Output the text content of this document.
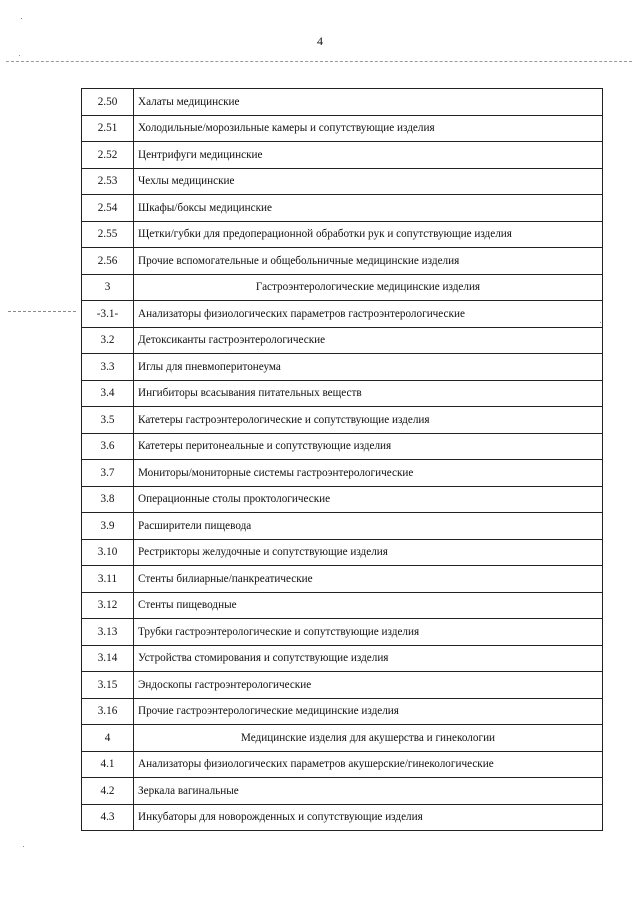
4
2.50	Халаты медицинские
2.51	Холодильные/морозильные камеры и сопутствующие изделия
2.52	Центрифуги медицинские
2.53	Чехлы медицинские
2.54	Шкафы/боксы медицинские
2.55	Щетки/губки для предоперационной обработки рук и сопутствующие изделия
2.56	Прочие вспомогательные и общебольничные медицинские изделия
3	Гастроэнтерологические медицинские изделия
-3.1-	Анализаторы физиологических параметров гастроэнтерологические
3.2	Детоксиканты гастроэнтерологические
3.3	Иглы для пневмоперитонеума
3.4	Ингибиторы всасывания питательных веществ
3.5	Катетеры гастроэнтерологические и сопутствующие изделия
3.6	Катетеры перитонеальные и сопутствующие изделия
3.7	Мониторы/мониторные системы гастроэнтерологические
3.8	Операционные столы проктологические
3.9	Расширители пищевода
3.10	Рестрикторы желудочные и сопутствующие изделия
3.11	Стенты билиарные/панкреатические
3.12	Стенты пищеводные
3.13	Трубки гастроэнтерологические и сопутствующие изделия
3.14	Устройства стомирования и сопутствующие изделия
3.15	Эндоскопы гастроэнтерологические
3.16	Прочие гастроэнтерологические медицинские изделия
4	Медицинские изделия для акушерства и гинекологии
4.1	Анализаторы физиологических параметров акушерские/гинекологические
4.2	Зеркала вагинальные
4.3	Инкубаторы для новорожденных и сопутствующие изделия
